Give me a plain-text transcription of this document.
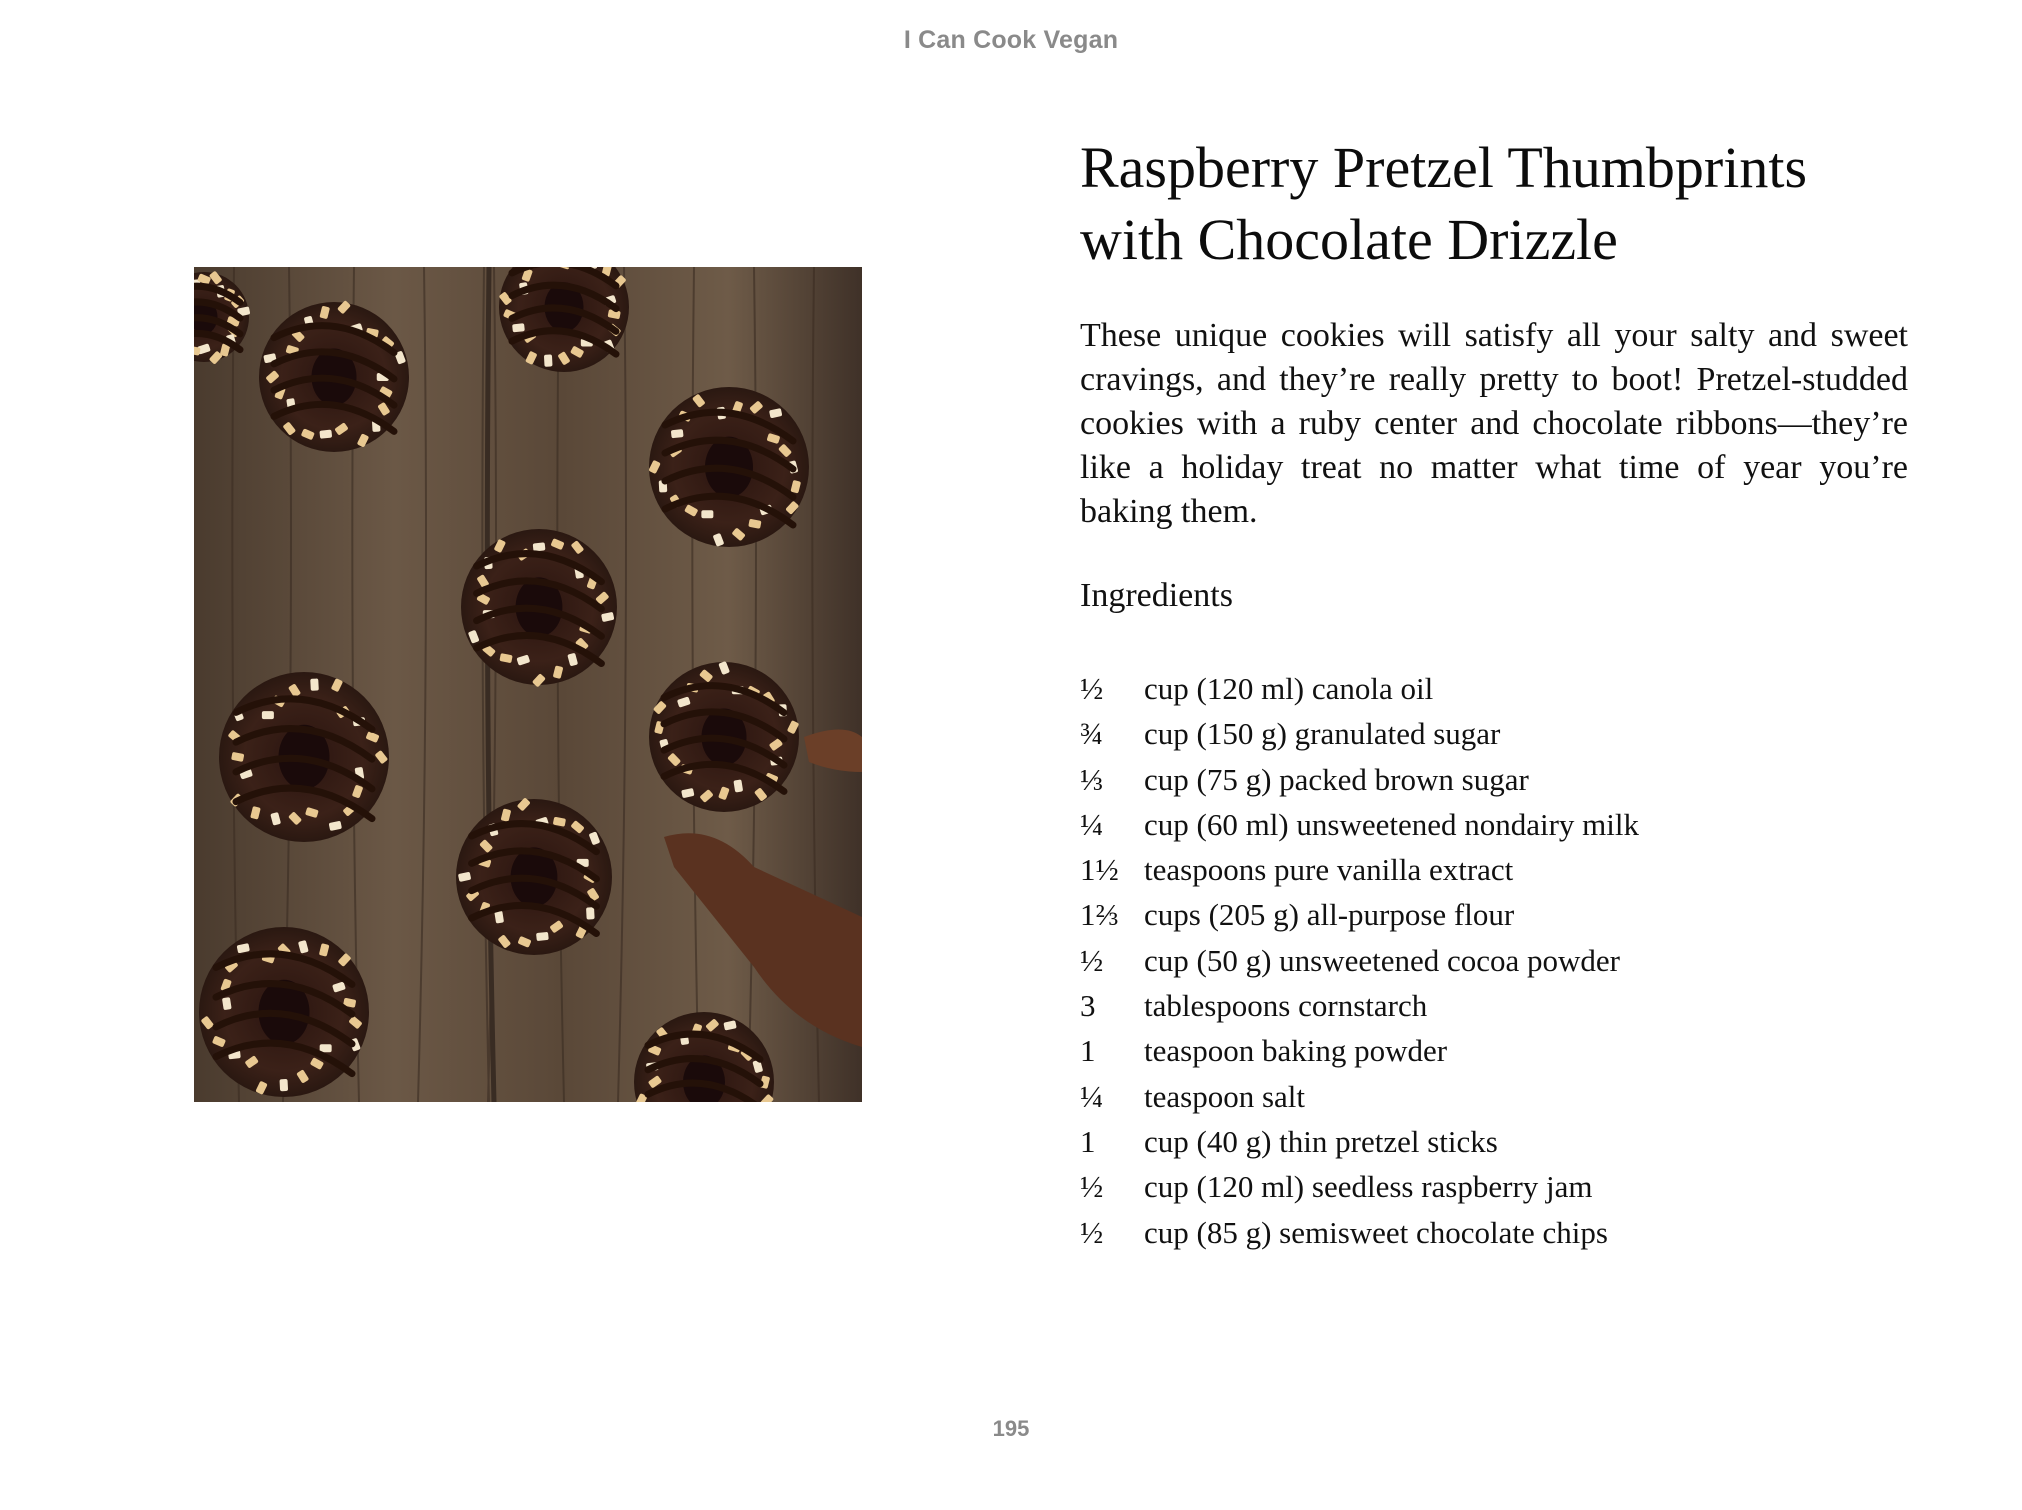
I Can Cook Vegan
Raspberry Pretzel Thumbprints with Chocolate Drizzle

These unique cookies will satisfy all your salty and sweet cravings, and they’re really pretty to boot! Pretzel-studded cookies with a ruby center and chocolate ribbons—they’re like a holiday treat no matter what time of year you’re baking them.

Ingredients
½	cup (120 ml) canola oil
¾	cup (150 g) granulated sugar
⅓	cup (75 g) packed brown sugar
¼	cup (60 ml) unsweetened nondairy milk
1½ teaspoons pure vanilla extract
1⅔ cups (205 g) all-purpose flour
½	cup (50 g) unsweetened cocoa powder
3	tablespoons cornstarch
1	teaspoon baking powder
¼	teaspoon salt
1	cup (40 g) thin pretzel sticks
½	cup (120 ml) seedless raspberry jam
½	cup (85 g) semisweet chocolate chips
195
